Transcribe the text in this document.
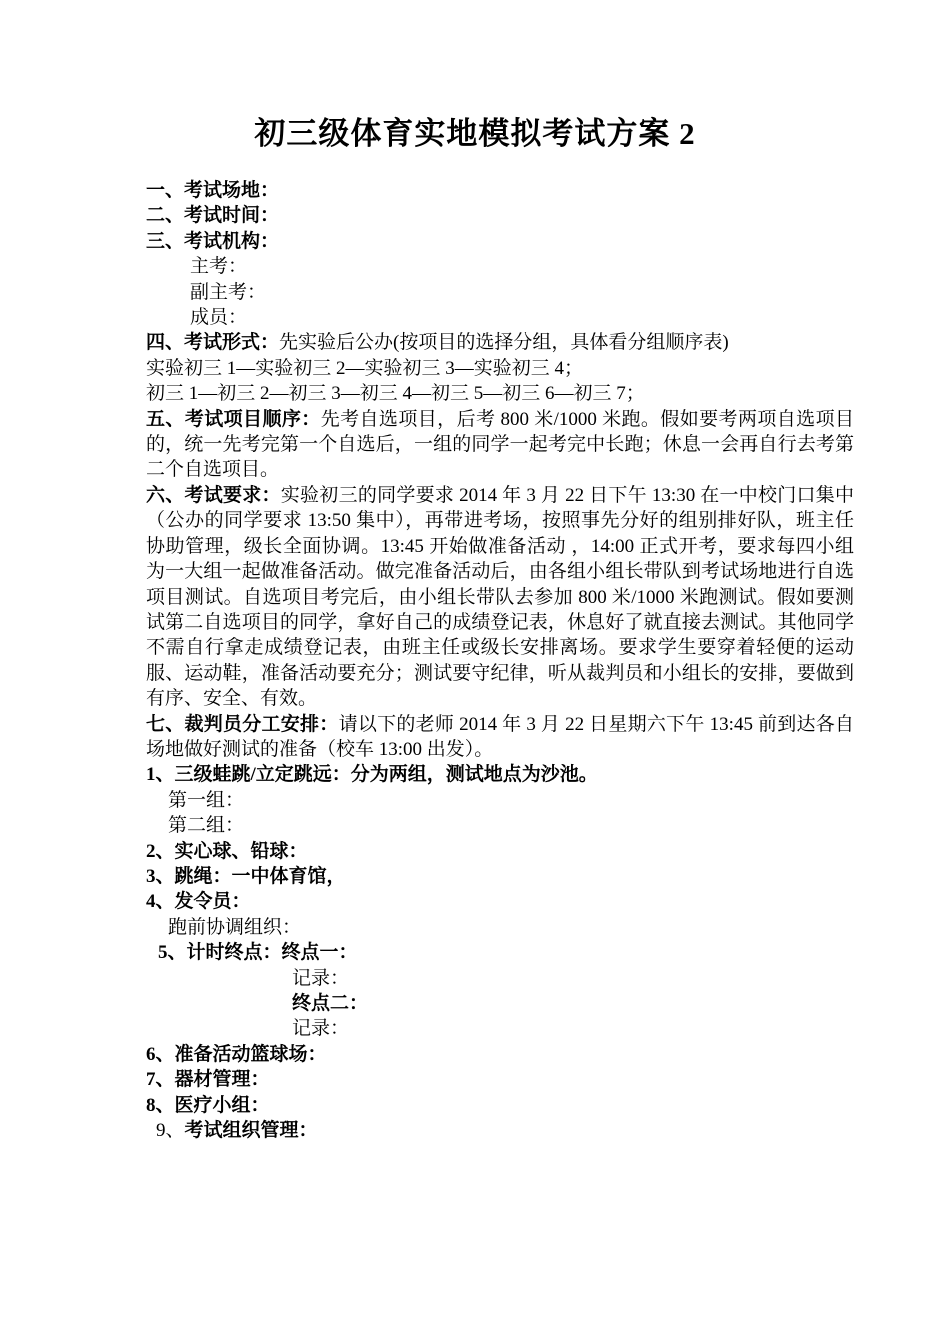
初三级体育实地模拟考试方案 2
一、考试场地：
二、考试时间：
三、考试机构：
主考：
副主考：
成员：
四、考试形式：先实验后公办(按项目的选择分组，具体看分组顺序表)
实验初三 1—实验初三 2—实验初三 3—实验初三 4；
初三 1—初三 2—初三 3—初三 4—初三 5—初三 6—初三 7；
五、考试项目顺序：先考自选项目，后考 800 米/1000 米跑。假如要考两项自选项目的，统一先考完第一个自选后，一组的同学一起考完中长跑；休息一会再自行去考第二个自选项目。
六、考试要求：实验初三的同学要求 2014 年 3 月 22 日下午 13:30 在一中校门口集中（公办的同学要求 13:50 集中），再带进考场，按照事先分好的组别排好队，班主任协助管理，级长全面协调。13:45 开始做准备活动 ，14:00 正式开考，要求每四小组为一大组一起做准备活动。做完准备活动后，由各组小组长带队到考试场地进行自选项目测试。自选项目考完后，由小组长带队去参加 800 米/1000 米跑测试。假如要测试第二自选项目的同学，拿好自己的成绩登记表，休息好了就直接去测试。其他同学不需自行拿走成绩登记表，由班主任或级长安排离场。要求学生要穿着轻便的运动服、运动鞋，准备活动要充分；测试要守纪律，听从裁判员和小组长的安排，要做到有序、安全、有效。
七、裁判员分工安排：请以下的老师 2014 年 3 月 22 日星期六下午 13:45 前到达各自场地做好测试的准备（校车 13:00 出发）。
1、三级蛙跳/立定跳远：分为两组，测试地点为沙池。
第一组：
第二组：
2、实心球、铅球：
3、跳绳：一中体育馆，
4、发令员：
跑前协调组织：
5、计时终点：终点一：
记录：
终点二：
记录：
6、准备活动篮球场：
7、器材管理：
8、医疗小组：
9、考试组织管理：
